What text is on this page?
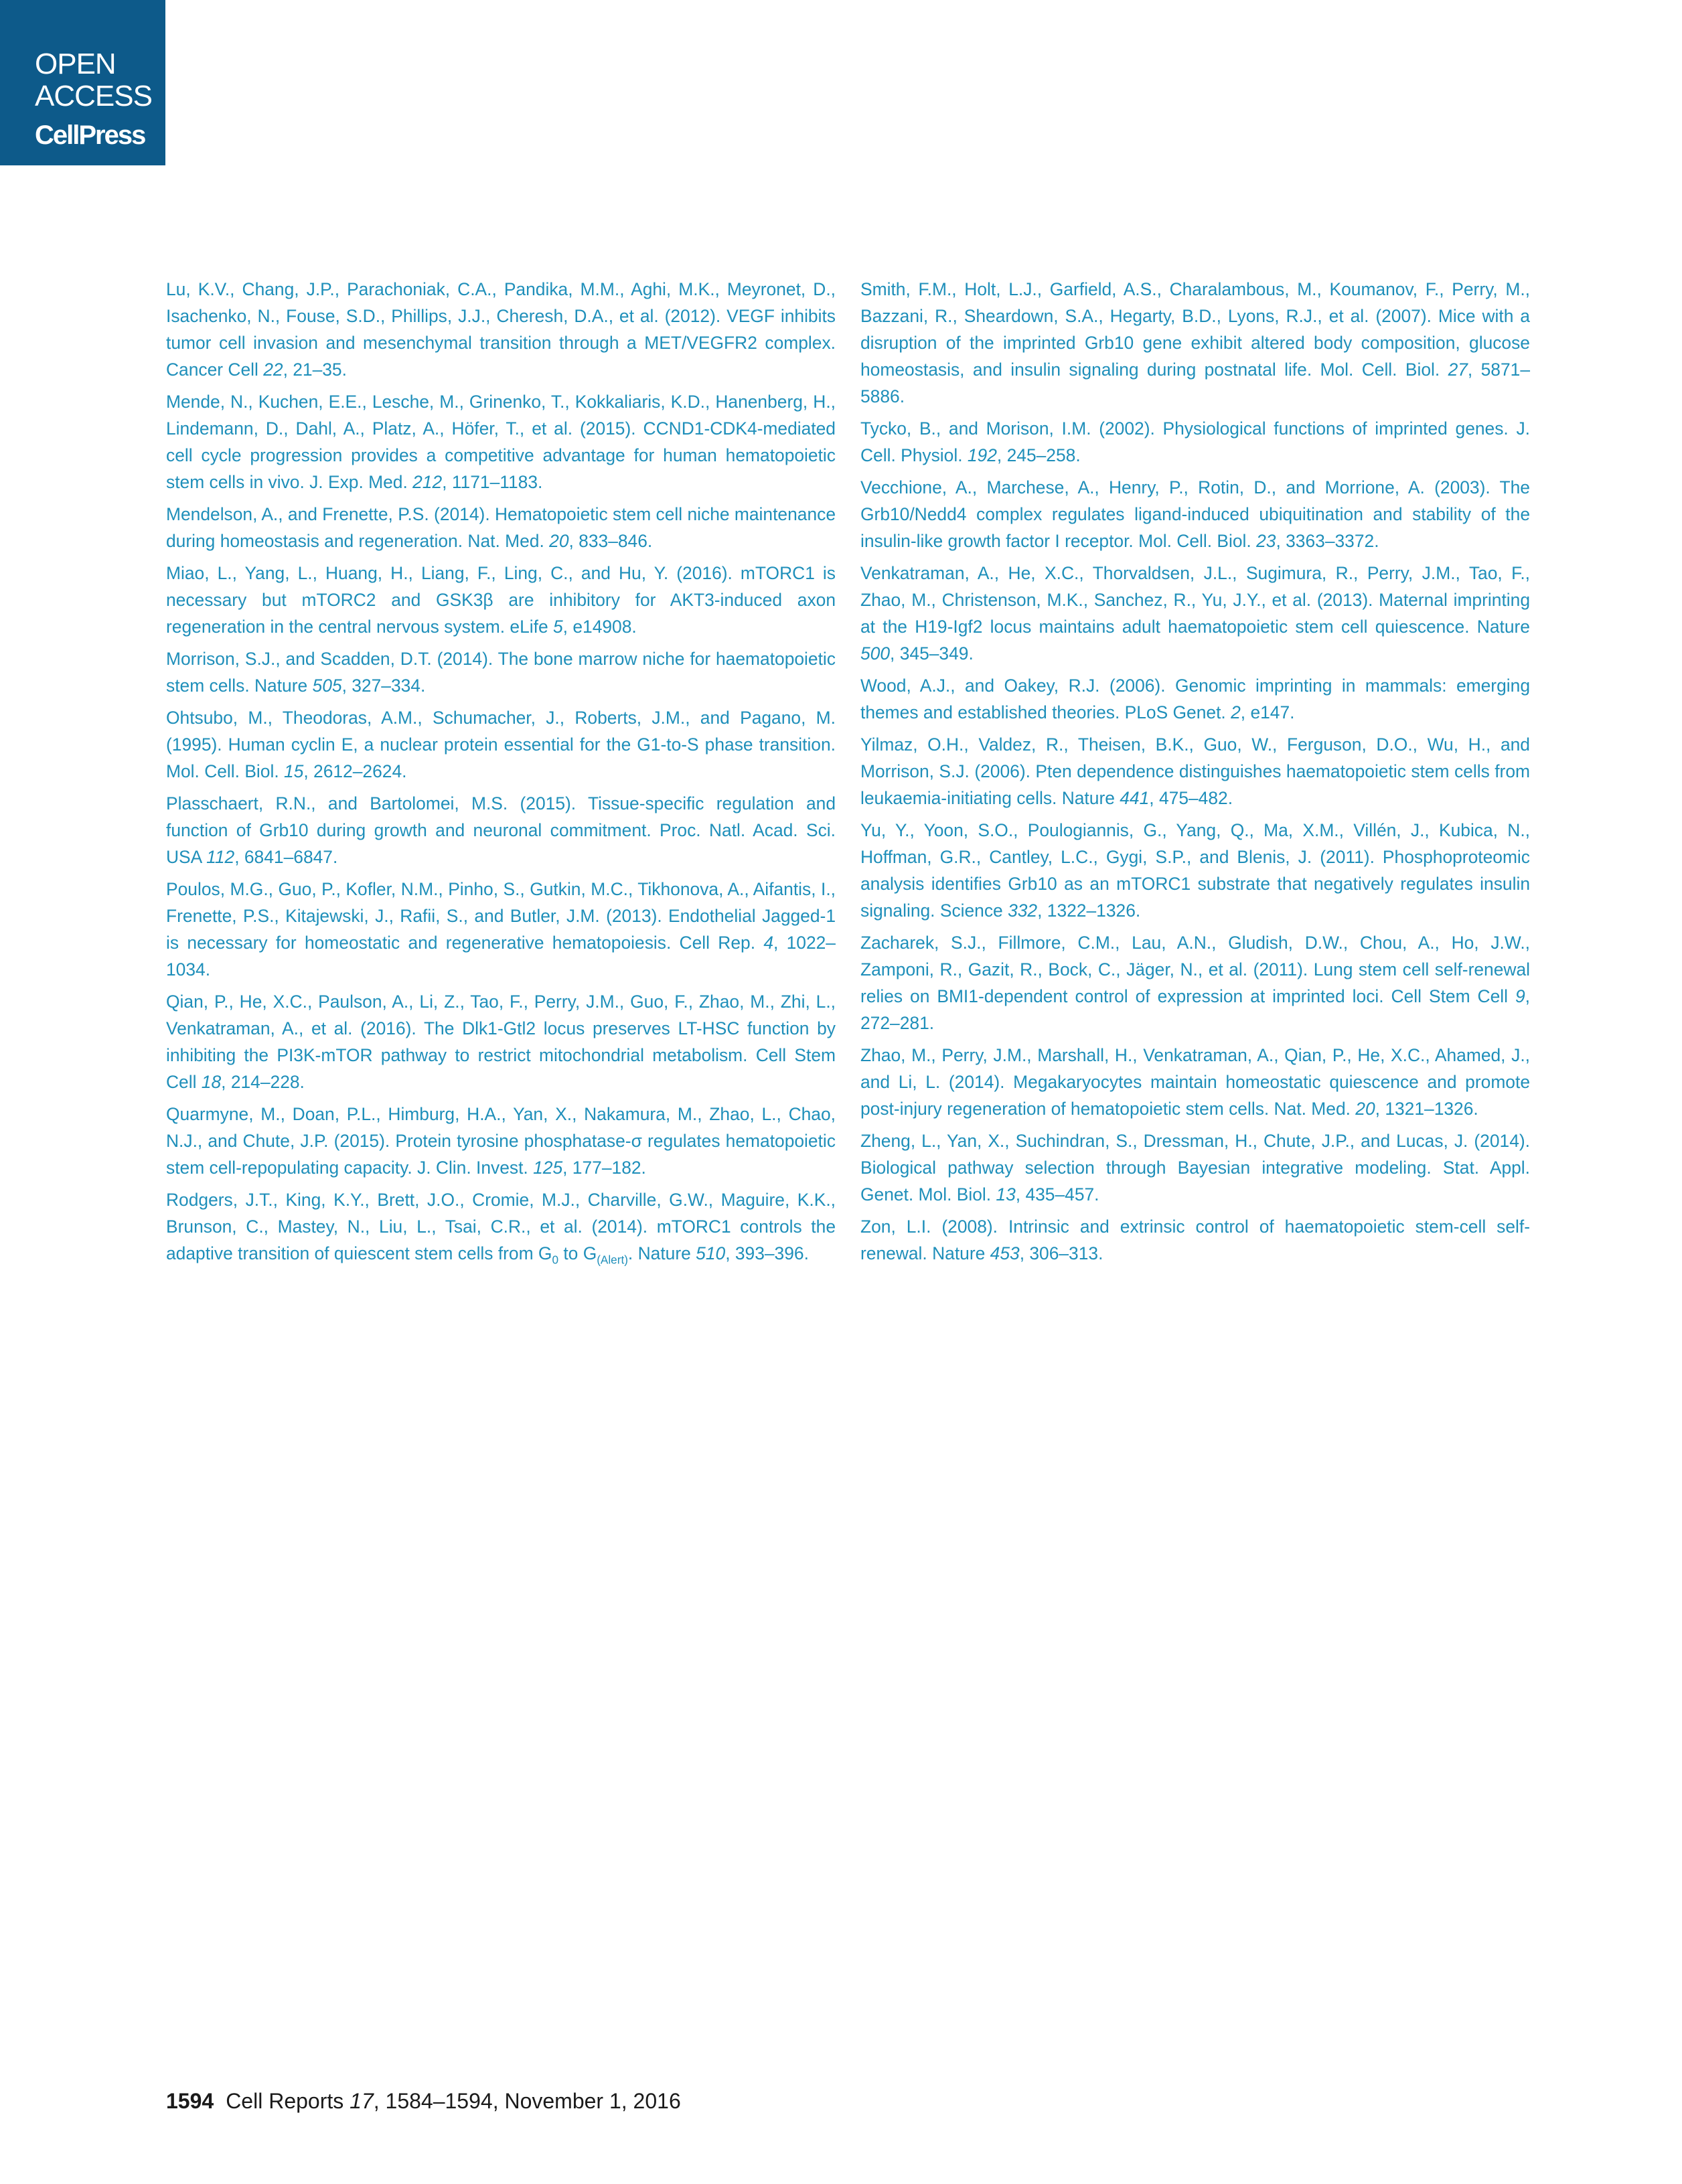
OPEN
ACCESS
CellPress

Lu, K.V., Chang, J.P., Parachoniak, C.A., Pandika, M.M., Aghi, M.K., Meyronet, D., Isachenko, N., Fouse, S.D., Phillips, J.J., Cheresh, D.A., et al. (2012). VEGF inhibits tumor cell invasion and mesenchymal transition through a MET/VEGFR2 complex. Cancer Cell 22, 21–35.

Mende, N., Kuchen, E.E., Lesche, M., Grinenko, T., Kokkaliaris, K.D., Hanenberg, H., Lindemann, D., Dahl, A., Platz, A., Höfer, T., et al. (2015). CCND1-CDK4-mediated cell cycle progression provides a competitive advantage for human hematopoietic stem cells in vivo. J. Exp. Med. 212, 1171–1183.

Mendelson, A., and Frenette, P.S. (2014). Hematopoietic stem cell niche maintenance during homeostasis and regeneration. Nat. Med. 20, 833–846.

Miao, L., Yang, L., Huang, H., Liang, F., Ling, C., and Hu, Y. (2016). mTORC1 is necessary but mTORC2 and GSK3β are inhibitory for AKT3-induced axon regeneration in the central nervous system. eLife 5, e14908.

Morrison, S.J., and Scadden, D.T. (2014). The bone marrow niche for haematopoietic stem cells. Nature 505, 327–334.

Ohtsubo, M., Theodoras, A.M., Schumacher, J., Roberts, J.M., and Pagano, M. (1995). Human cyclin E, a nuclear protein essential for the G1-to-S phase transition. Mol. Cell. Biol. 15, 2612–2624.

Plasschaert, R.N., and Bartolomei, M.S. (2015). Tissue-specific regulation and function of Grb10 during growth and neuronal commitment. Proc. Natl. Acad. Sci. USA 112, 6841–6847.

Poulos, M.G., Guo, P., Kofler, N.M., Pinho, S., Gutkin, M.C., Tikhonova, A., Aifantis, I., Frenette, P.S., Kitajewski, J., Rafii, S., and Butler, J.M. (2013). Endothelial Jagged-1 is necessary for homeostatic and regenerative hematopoiesis. Cell Rep. 4, 1022–1034.

Qian, P., He, X.C., Paulson, A., Li, Z., Tao, F., Perry, J.M., Guo, F., Zhao, M., Zhi, L., Venkatraman, A., et al. (2016). The Dlk1-Gtl2 locus preserves LT-HSC function by inhibiting the PI3K-mTOR pathway to restrict mitochondrial metabolism. Cell Stem Cell 18, 214–228.

Quarmyne, M., Doan, P.L., Himburg, H.A., Yan, X., Nakamura, M., Zhao, L., Chao, N.J., and Chute, J.P. (2015). Protein tyrosine phosphatase-σ regulates hematopoietic stem cell-repopulating capacity. J. Clin. Invest. 125, 177–182.

Rodgers, J.T., King, K.Y., Brett, J.O., Cromie, M.J., Charville, G.W., Maguire, K.K., Brunson, C., Mastey, N., Liu, L., Tsai, C.R., et al. (2014). mTORC1 controls the adaptive transition of quiescent stem cells from $G_0$ to $G_{(Alert)}$. Nature 510, 393–396.

Smith, F.M., Holt, L.J., Garfield, A.S., Charalambous, M., Koumanov, F., Perry, M., Bazzani, R., Sheardown, S.A., Hegarty, B.D., Lyons, R.J., et al. (2007). Mice with a disruption of the imprinted Grb10 gene exhibit altered body composition, glucose homeostasis, and insulin signaling during postnatal life. Mol. Cell. Biol. 27, 5871–5886.

Tycko, B., and Morison, I.M. (2002). Physiological functions of imprinted genes. J. Cell. Physiol. 192, 245–258.

Vecchione, A., Marchese, A., Henry, P., Rotin, D., and Morrione, A. (2003). The Grb10/Nedd4 complex regulates ligand-induced ubiquitination and stability of the insulin-like growth factor I receptor. Mol. Cell. Biol. 23, 3363–3372.

Venkatraman, A., He, X.C., Thorvaldsen, J.L., Sugimura, R., Perry, J.M., Tao, F., Zhao, M., Christenson, M.K., Sanchez, R., Yu, J.Y., et al. (2013). Maternal imprinting at the H19-Igf2 locus maintains adult haematopoietic stem cell quiescence. Nature 500, 345–349.

Wood, A.J., and Oakey, R.J. (2006). Genomic imprinting in mammals: emerging themes and established theories. PLoS Genet. 2, e147.

Yilmaz, O.H., Valdez, R., Theisen, B.K., Guo, W., Ferguson, D.O., Wu, H., and Morrison, S.J. (2006). Pten dependence distinguishes haematopoietic stem cells from leukaemia-initiating cells. Nature 441, 475–482.

Yu, Y., Yoon, S.O., Poulogiannis, G., Yang, Q., Ma, X.M., Villén, J., Kubica, N., Hoffman, G.R., Cantley, L.C., Gygi, S.P., and Blenis, J. (2011). Phosphoproteomic analysis identifies Grb10 as an mTORC1 substrate that negatively regulates insulin signaling. Science 332, 1322–1326.

Zacharek, S.J., Fillmore, C.M., Lau, A.N., Gludish, D.W., Chou, A., Ho, J.W., Zamponi, R., Gazit, R., Bock, C., Jäger, N., et al. (2011). Lung stem cell self-renewal relies on BMI1-dependent control of expression at imprinted loci. Cell Stem Cell 9, 272–281.

Zhao, M., Perry, J.M., Marshall, H., Venkatraman, A., Qian, P., He, X.C., Ahamed, J., and Li, L. (2014). Megakaryocytes maintain homeostatic quiescence and promote post-injury regeneration of hematopoietic stem cells. Nat. Med. 20, 1321–1326.

Zheng, L., Yan, X., Suchindran, S., Dressman, H., Chute, J.P., and Lucas, J. (2014). Biological pathway selection through Bayesian integrative modeling. Stat. Appl. Genet. Mol. Biol. 13, 435–457.

Zon, L.I. (2008). Intrinsic and extrinsic control of haematopoietic stem-cell self-renewal. Nature 453, 306–313.

1594 Cell Reports 17, 1584–1594, November 1, 2016
